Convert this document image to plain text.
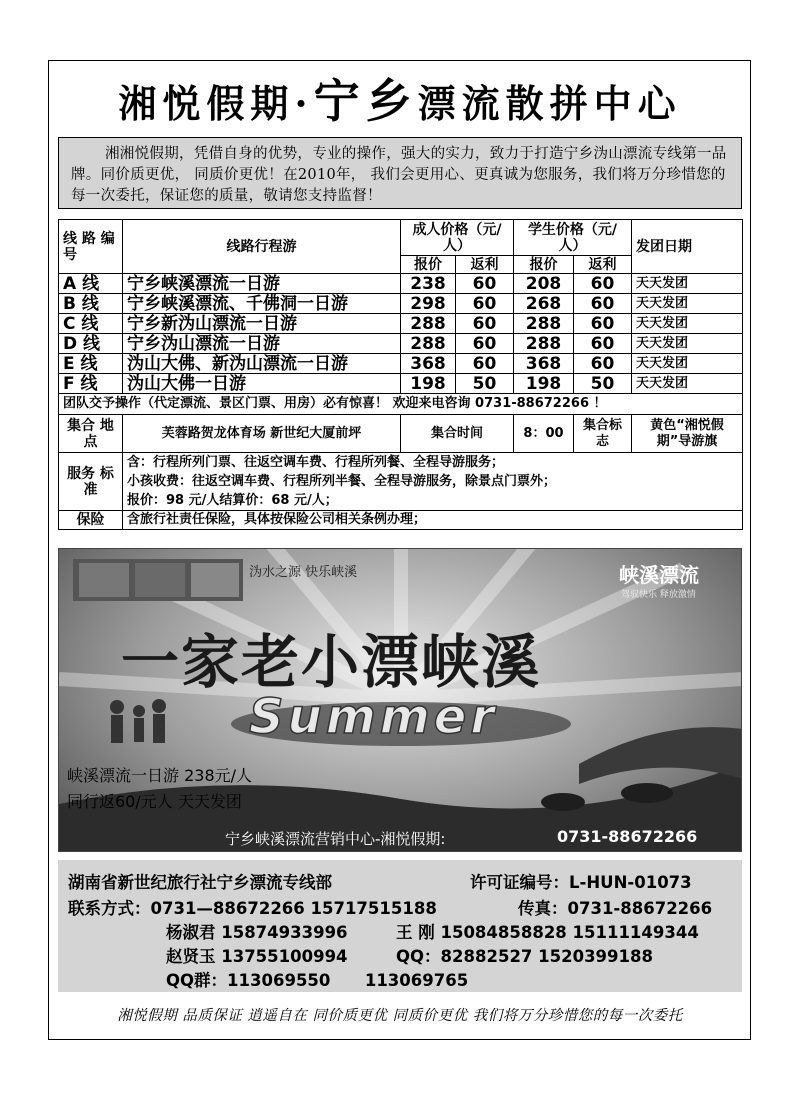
湘悦假期·宁乡漂流散拼中心
湘湘悦假期，凭借自身的优势，专业的操作，强大的实力，致力于打造宁乡沩山漂流专线第一品牌。同价质更优， 同质价更优！在2010年， 我们会更用心、更真诚为您服务，我们将万分珍惜您的每一次委托，保证您的质量，敬请您支持监督！
线 路 编 号	线路行程游	成人价格（元/人）		学生价格（元/人）		发团日期
		报价	返利	报价	返利	
A 线	宁乡峡溪漂流一日游	238	60	208	60	天天发团
B 线	宁乡峡溪漂流、千佛洞一日游	298	60	268	60	天天发团
C 线	宁乡新沩山漂流一日游	288	60	288	60	天天发团
D 线	宁乡沩山漂流一日游	288	60	288	60	天天发团
E 线	沩山大佛、新沩山漂流一日游	368	60	368	60	天天发团
F 线	沩山大佛一日游	198	50	198	50	天天发团
团队交予操作（代定漂流、景区门票、用房）必有惊喜！ 欢迎来电咨询 0731-88672266 ！						
集合 地点	芙蓉路贺龙体育场 新世纪大厦前坪	集合时间		8：00	集合标志	黄色“湘悦假期”导游旗
服务 标准	含：行程所列门票、往返空调车费、行程所列餐、全程导游服务；
小孩收费：往返空调车费、行程所列半餐、全程导游服务，除景点门票外；
报价：98 元/人结算价：68 元/人；					

保险	含旅行社责任保险，具体按保险公司相关条例办理；					
沩水之源 快乐峡溪	峡溪漂流
驾驭快乐 释放激情
一家老小漂峡溪
Summer
峡溪漂流一日游 238元/人
同行返60/元人 天天发团
宁乡峡溪漂流营销中心-湘悦假期:	0731-88672266
湖南省新世纪旅行社宁乡漂流专线部	许可证编号：L-HUN-01073
联系方式：0731—88672266 15717515188	传真：0731-88672266
杨淑君 15874933996	王 刚 15084858828 15111149344
赵贤玉 13755100994	QQ：82882527 1520399188
QQ群：113069550      113069765
湘悦假期 品质保证 逍遥自在 同价质更优 同质价更优 我们将万分珍惜您的每一次委托
